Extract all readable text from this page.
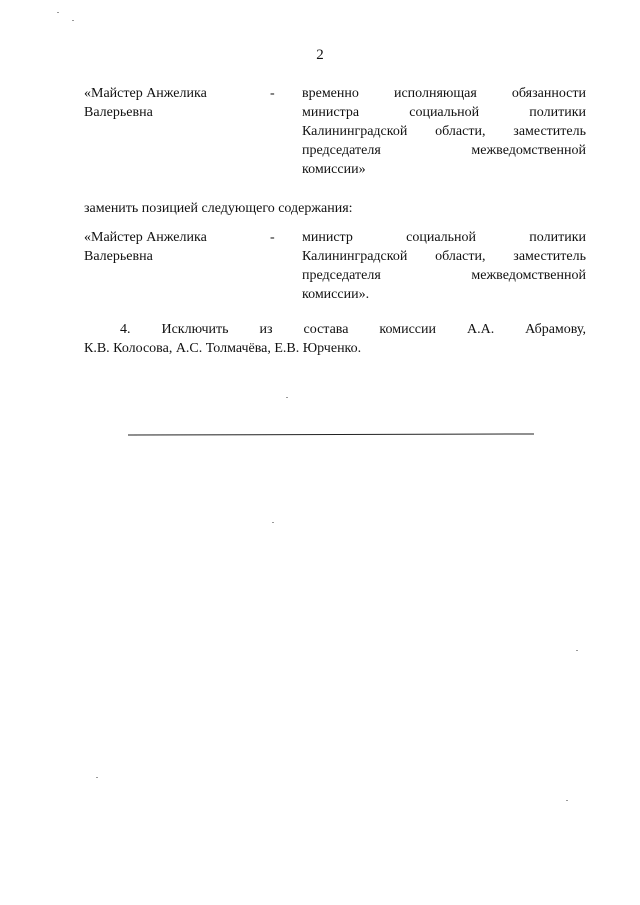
2
«Майстер Анжелика
Валерьевна
- временно исполняющая обязанности
министра социальной политики
Калининградской области, заместитель
председателя межведомственной
комиссии»
заменить позицией следующего содержания:
«Майстер Анжелика
Валерьевна
- министр социальной политики
Калининградской области, заместитель
председателя межведомственной
комиссии».
4. Исключить из состава комиссии А.А. Абрамову,
К.В. Колосова, А.С. Толмачёва, Е.В. Юрченко.
